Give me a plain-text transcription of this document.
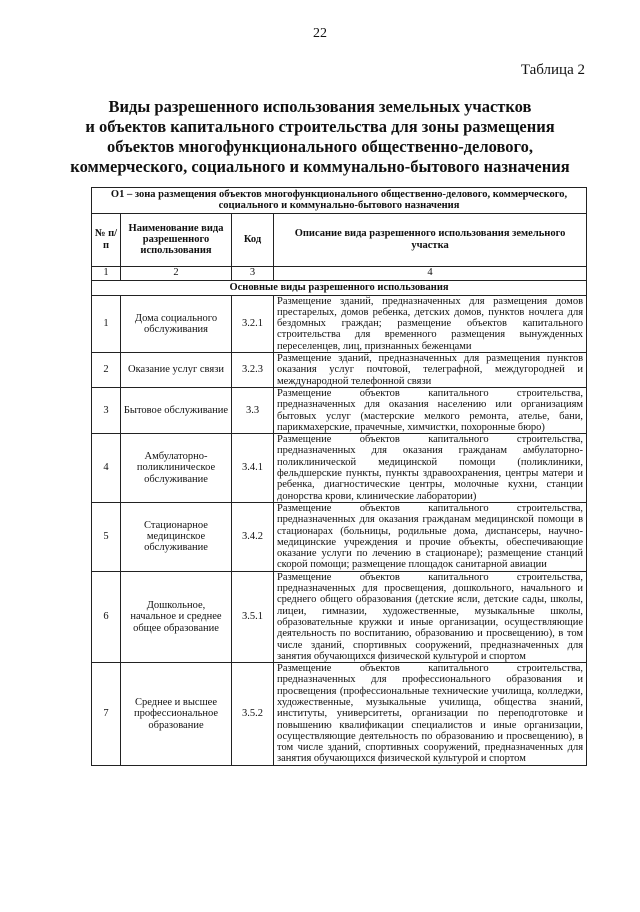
22
Таблица 2
Виды разрешенного использования земельных участков
и объектов капитального строительства для зоны размещения
объектов многофункционального общественно-делового,
коммерческого, социального и коммунально-бытового назначения
О1 – зона размещения объектов многофункционального общественно-делового, коммерческого, социального и коммунально-бытового назначения			
№ п/п	Наименование вида разрешенного использования	Код	Описание вида разрешенного использования земельного участка
1	2	3	4
Основные виды разрешенного использования			
1	Дома социального обслуживания	3.2.1	Размещение зданий, предназначенных для размещения домов престарелых, домов ребенка, детских домов, пунктов ночлега для бездомных граждан; размещение объектов капитального строительства для временного размещения вынужденных переселенцев, лиц, признанных беженцами
2	Оказание услуг связи	3.2.3	Размещение зданий, предназначенных для размещения пунктов оказания услуг почтовой, телеграфной, междугородней и международной телефонной связи
3	Бытовое обслуживание	3.3	Размещение объектов капитального строительства, предназначенных для оказания населению или организациям бытовых услуг (мастерские мелкого ремонта, ателье, бани, парикмахерские, прачечные, химчистки, похоронные бюро)
4	Амбулаторно-поликлиническое обслуживание	3.4.1	Размещение объектов капитального строительства, предназначенных для оказания гражданам амбулаторно-поликлинической медицинской помощи (поликлиники, фельдшерские пункты, пункты здравоохранения, центры матери и ребенка, диагностические центры, молочные кухни, станции донорства крови, клинические лаборатории)
5	Стационарное медицинское обслуживание	3.4.2	Размещение объектов капитального строительства, предназначенных для оказания гражданам медицинской помощи в стационарах (больницы, родильные дома, диспансеры, научно-медицинские учреждения и прочие объекты, обеспечивающие оказание услуги по лечению в стационаре); размещение станций скорой помощи; размещение площадок санитарной авиации
6	Дошкольное, начальное и среднее общее образование	3.5.1	Размещение объектов капитального строительства, предназначенных для просвещения, дошкольного, начального и среднего общего образования (детские ясли, детские сады, школы, лицеи, гимназии, художественные, музыкальные школы, образовательные кружки и иные организации, осуществляющие деятельность по воспитанию, образованию и просвещению), в том числе зданий, спортивных сооружений, предназначенных для занятия обучающихся физической культурой и спортом
7	Среднее и высшее профессиональное образование	3.5.2	Размещение объектов капитального строительства, предназначенных для профессионального образования и просвещения (профессиональные технические училища, колледжи, художественные, музыкальные училища, общества знаний, институты, университеты, организации по переподготовке и повышению квалификации специалистов и иные организации, осуществляющие деятельность по образованию и просвещению), в том числе зданий, спортивных сооружений, предназначенных для занятия обучающихся физической культурой и спортом
